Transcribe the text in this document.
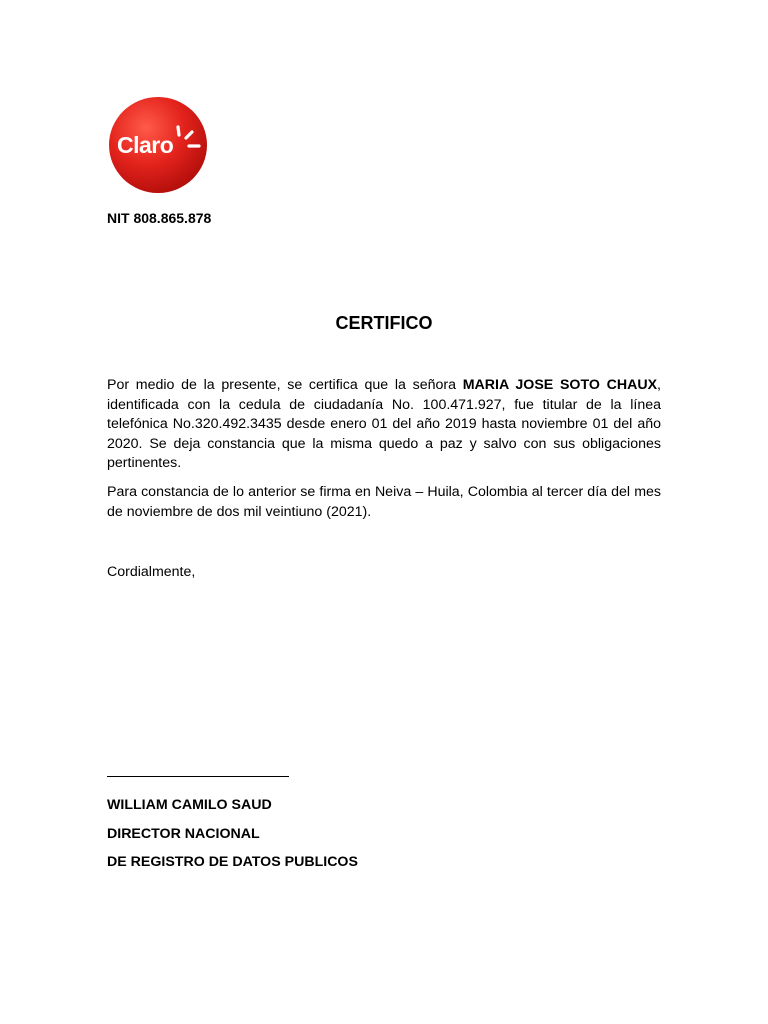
Claro
NIT 808.865.878
CERTIFICO
Por medio de la presente, se certifica que la señora MARIA JOSE SOTO CHAUX, identificada con la cedula de ciudadanía No. 100.471.927, fue titular de la línea telefónica No.320.492.3435 desde enero 01 del año 2019 hasta noviembre 01 del año 2020. Se deja constancia que la misma quedo a paz y salvo con sus obligaciones pertinentes.
Para constancia de lo anterior se firma en Neiva – Huila, Colombia al tercer día del mes de noviembre de dos mil veintiuno (2021).
Cordialmente,
WILLIAM CAMILO SAUD
DIRECTOR NACIONAL
DE REGISTRO DE DATOS PUBLICOS
